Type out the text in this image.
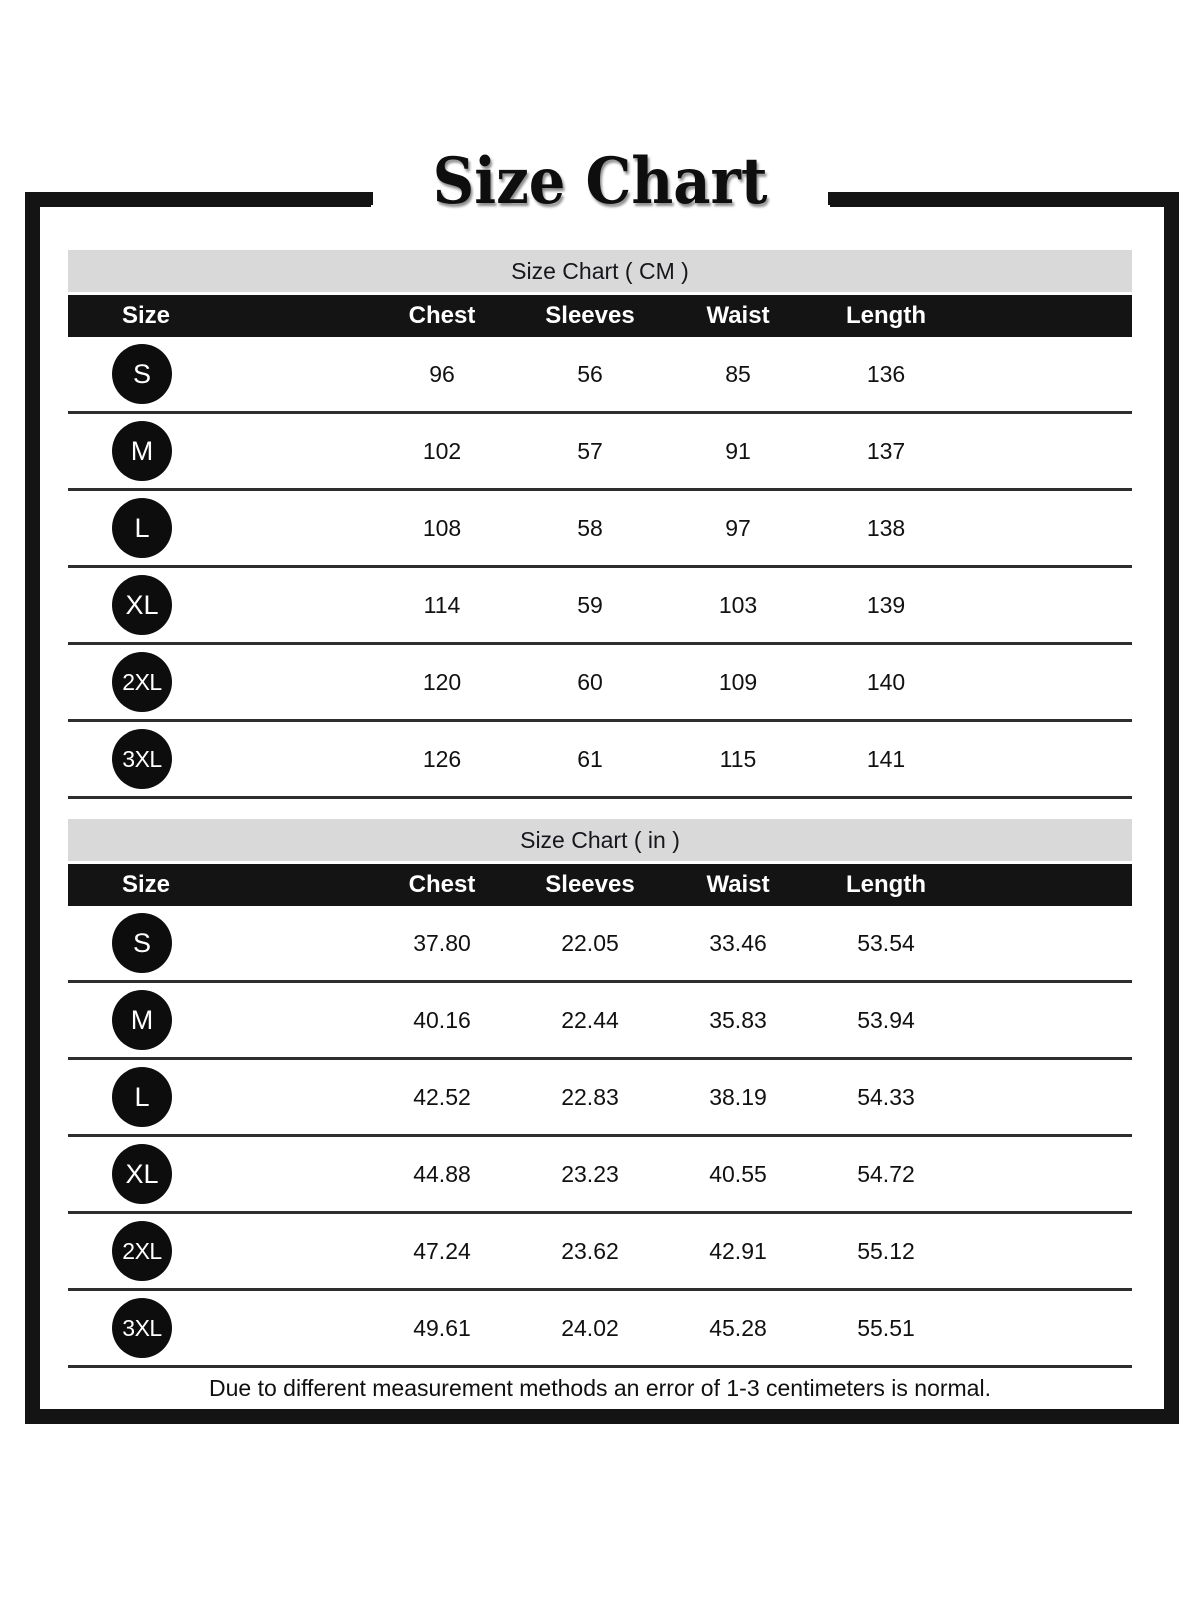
Size Chart
Size Chart ( CM )
Size	Chest	Sleeves	Waist	Length
S	96	56	85	136
M	102	57	91	137
L	108	58	97	138
XL	114	59	103	139
2XL	120	60	109	140
3XL	126	61	115	141
Size Chart ( in )
Size	Chest	Sleeves	Waist	Length
S	37.80	22.05	33.46	53.54
M	40.16	22.44	35.83	53.94
L	42.52	22.83	38.19	54.33
XL	44.88	23.23	40.55	54.72
2XL	47.24	23.62	42.91	55.12
3XL	49.61	24.02	45.28	55.51
Due to different measurement methods an error of 1-3 centimeters is normal.
